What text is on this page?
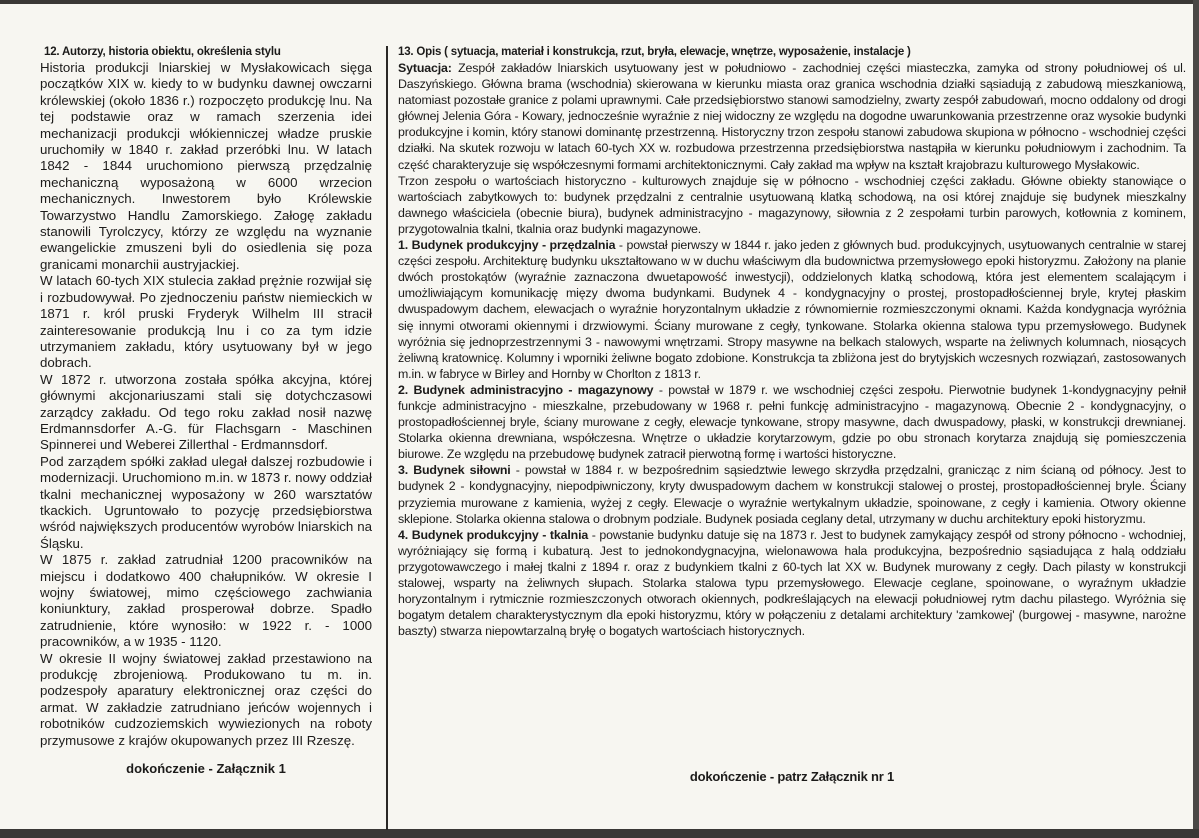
12. Autorzy, historia obiektu, określenia stylu

Historia produkcji lniarskiej w Mysłakowicach sięga początków XIX w. kiedy to w budynku dawnej owczarni królewskiej (około 1836 r.) rozpoczęto produkcję lnu. Na tej podstawie oraz w ramach szerzenia idei mechanizacji produkcji włókienniczej władze pruskie uruchomiły w 1840 r. zakład przeróbki lnu. W latach 1842 - 1844 uruchomiono pierwszą przędzalnię mechaniczną wyposażoną w 6000 wrzecion mechanicznych. Inwestorem było Królewskie Towarzystwo Handlu Zamorskiego. Załogę zakładu stanowili Tyrolczycy, którzy ze względu na wyznanie ewangelickie zmuszeni byli do osiedlenia się poza granicami monarchii austryjackiej.

W latach 60-tych XIX stulecia zakład prężnie rozwijał się i rozbudowywał. Po zjednoczeniu państw niemieckich w 1871 r. król pruski Fryderyk Wilhelm III stracił zainteresowanie produkcją lnu i co za tym idzie utrzymaniem zakładu, który usytuowany był w jego dobrach.

W 1872 r. utworzona została spółka akcyjna, której głównymi akcjonariuszami stali się dotychczasowi zarządcy zakładu. Od tego roku zakład nosił nazwę Erdmannsdorfer A.-G. für Flachsgarn - Maschinen Spinnerei und Weberei Zillerthal - Erdmannsdorf.

Pod zarządem spółki zakład ulegał dalszej rozbudowie i modernizacji. Uruchomiono m.in. w 1873 r. nowy oddział tkalni mechanicznej wyposażony w 260 warsztatów tkackich. Ugruntowało to pozycję przedsiębiorstwa wśród największych producentów wyrobów lniarskich na Śląsku.

W 1875 r. zakład zatrudniał 1200 pracowników na miejscu i dodatkowo 400 chałupników. W okresie I wojny światowej, mimo częściowego zachwiania koniunktury, zakład prosperował dobrze. Spadło zatrudnienie, które wynosiło: w 1922 r. - 1000 pracowników, a w 1935 - 1120.

W okresie II wojny światowej zakład przestawiono na produkcję zbrojeniową. Produkowano tu m. in. podzespoły aparatury elektronicznej oraz części do armat. W zakładzie zatrudniano jeńców wojennych i robotników cudzoziemskich wywiezionych na roboty przymusowe z krajów okupowanych przez III Rzeszę.

dokończenie - Załącznik 1
13. Opis ( sytuacja, materiał i konstrukcja, rzut, bryła, elewacje, wnętrze, wyposażenie, instalacje )

Sytuacja: Zespół zakładów lniarskich usytuowany jest w południowo - zachodniej części miasteczka, zamyka od strony południowej oś ul. Daszyńskiego. Główna brama (wschodnia) skierowana w kierunku miasta oraz granica wschodnia działki sąsiadują z zabudową mieszkaniową, natomiast pozostałe granice z polami uprawnymi. Całe przedsiębiorstwo stanowi samodzielny, zwarty zespół zabudowań, mocno oddalony od drogi głównej Jelenia Góra - Kowary, jednocześnie wyraźnie z niej widoczny ze względu na dogodne uwarunkowania przestrzenne oraz wysokie budynki produkcyjne i komin, który stanowi dominantę przestrzenną. Historyczny trzon zespołu stanowi zabudowa skupiona w północno - wschodniej części działki. Na skutek rozwoju w latach 60-tych XX w. rozbudowa przestrzenna przedsiębiorstwa nastąpiła w kierunku południowym i zachodnim. Ta część charakteryzuje się współczesnymi formami architektonicznymi. Cały zakład ma wpływ na kształt krajobrazu kulturowego Mysłakowic.

Trzon zespołu o wartościach historyczno - kulturowych znajduje się w północno - wschodniej części zakładu. Główne obiekty stanowiące o wartościach zabytkowych to: budynek przędzalni z centralnie usytuowaną klatką schodową, na osi której znajduje się budynek mieszkalny dawnego właściciela (obecnie biura), budynek administracyjno - magazynowy, siłownia z 2 zespołami turbin parowych, kotłownia z kominem, przygotowalnia tkalni, tkalnia oraz budynki magazynowe.

1. Budynek produkcyjny - przędzalnia - powstał pierwszy w 1844 r. jako jeden z głównych bud. produkcyjnych, usytuowanych centralnie w starej części zespołu. Architekturę budynku ukształtowano w w duchu właściwym dla budownictwa przemysłowego epoki historyzmu. Założony na planie dwóch prostokątów (wyraźnie zaznaczona dwuetapowość inwestycji), oddzielonych klatką schodową, która jest elementem scalającym i umożliwiającym komunikację mięzy dwoma budynkami. Budynek 4 - kondygnacyjny o prostej, prostopadłościennej bryle, krytej płaskim dwuspadowym dachem, elewacjach o wyraźnie horyzontalnym układzie z równomiernie rozmieszczonymi oknami. Każda kondygnacja wyróżnia się innymi otworami okiennymi i drzwiowymi. Ściany murowane z cegły, tynkowane. Stolarka okienna stalowa typu przemysłowego. Budynek wyróżnia się jednoprzestrzennymi 3 - nawowymi wnętrzami. Stropy masywne na belkach stalowych, wsparte na żeliwnych kolumnach, niosących żeliwną kratownicę. Kolumny i wporniki żeliwne bogato zdobione. Konstrukcja ta zbliżona jest do brytyjskich wczesnych rozwiązań, zastosowanych m.in. w fabryce w Birley and Hornby w Chorlton z 1813 r.

2. Budynek administracyjno - magazynowy - powstał w 1879 r. we wschodniej części zespołu. Pierwotnie budynek 1-kondygnacyjny pełnił funkcje administracyjno - mieszkalne, przebudowany w 1968 r. pełni funkcję administracyjno - magazynową. Obecnie 2 - kondygnacyjny, o prostopadłościennej bryle, ściany murowane z cegły, elewacje tynkowane, stropy masywne, dach dwuspadowy, płaski, w konstrukcji drewnianej. Stolarka okienna drewniana, współczesna. Wnętrze o układzie korytarzowym, gdzie po obu stronach korytarza znajdują się pomieszczenia biurowe. Ze względu na przebudowę budynek zatracił pierwotną formę i wartości historyczne.

3. Budynek siłowni - powstał w 1884 r. w bezpośrednim sąsiedztwie lewego skrzydła przędzalni, granicząc z nim ścianą od północy. Jest to budynek 2 - kondygnacyjny, niepodpiwniczony, kryty dwuspadowym dachem w konstrukcji stalowej o prostej, prostopadłościennej bryle. Ściany przyziemia murowane z kamienia, wyżej z cegły. Elewacje o wyraźnie wertykalnym układzie, spoinowane, z cegły i kamienia. Otwory okienne sklepione. Stolarka okienna stalowa o drobnym podziale. Budynek posiada ceglany detal, utrzymany w duchu architektury epoki historyzmu.

4. Budynek produkcyjny - tkalnia - powstanie budynku datuje się na 1873 r. Jest to budynek zamykający zespół od strony północno - wchodniej, wyróżniający się formą i kubaturą. Jest to jednokondygnacyjna, wielonawowa hala produkcyjna, bezpośrednio sąsiadująca z halą oddziału przygotowawczego i małej tkalni z 1894 r. oraz z budynkiem tkalni z 60-tych lat XX w. Budynek murowany z cegły. Dach pilasty w konstrukcji stalowej, wsparty na żeliwnych słupach. Stolarka stalowa typu przemysłowego. Elewacje ceglane, spoinowane, o wyraźnym układzie horyzontalnym i rytmicznie rozmieszczonych otworach okiennych, podkreślających na elewacji południowej rytm dachu pilastego. Wyróżnia się bogatym detalem charakterystycznym dla epoki historyzmu, który w połączeniu z detalami architektury 'zamkowej' (burgowej - masywne, narożne baszty) stwarza niepowtarzalną bryłę o bogatych wartościach historycznych.

dokończenie - patrz Załącznik nr 1
